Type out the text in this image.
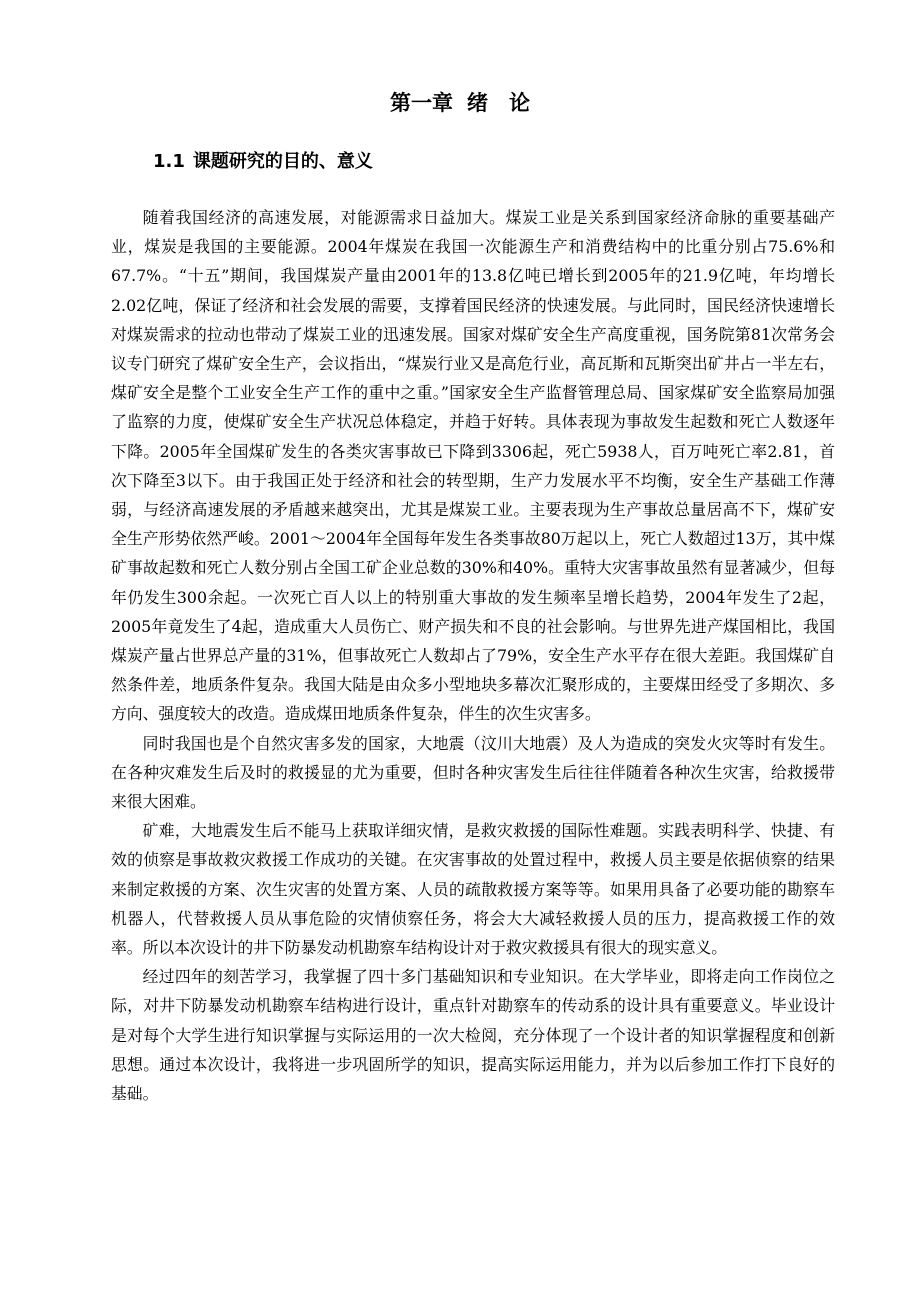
第一章 绪　论
1.1 课题研究的目的、意义

随着我国经济的高速发展，对能源需求日益加大。煤炭工业是关系到国家经济命脉的重要基础产业，煤炭是我国的主要能源。2004年煤炭在我国一次能源生产和消费结构中的比重分别占75.6%和67.7%。“十五”期间，我国煤炭产量由2001年的13.8亿吨已增长到2005年的21.9亿吨，年均增长2.02亿吨，保证了经济和社会发展的需要，支撑着国民经济的快速发展。与此同时，国民经济快速增长对煤炭需求的拉动也带动了煤炭工业的迅速发展。国家对煤矿安全生产高度重视，国务院第81次常务会议专门研究了煤矿安全生产，会议指出，“煤炭行业又是高危行业，高瓦斯和瓦斯突出矿井占一半左右，煤矿安全是整个工业安全生产工作的重中之重。”国家安全生产监督管理总局、国家煤矿安全监察局加强了监察的力度，使煤矿安全生产状况总体稳定，并趋于好转。具体表现为事故发生起数和死亡人数逐年下降。2005年全国煤矿发生的各类灾害事故已下降到3306起，死亡5938人，百万吨死亡率2.81，首次下降至3以下。由于我国正处于经济和社会的转型期，生产力发展水平不均衡，安全生产基础工作薄弱，与经济高速发展的矛盾越来越突出，尤其是煤炭工业。主要表现为生产事故总量居高不下，煤矿安全生产形势依然严峻。2001～2004年全国每年发生各类事故80万起以上，死亡人数超过13万，其中煤矿事故起数和死亡人数分别占全国工矿企业总数的30%和40%。重特大灾害事故虽然有显著减少，但每年仍发生300余起。一次死亡百人以上的特别重大事故的发生频率呈增长趋势，2004年发生了2起，2005年竟发生了4起，造成重大人员伤亡、财产损失和不良的社会影响。与世界先进产煤国相比，我国煤炭产量占世界总产量的31%，但事故死亡人数却占了79%，安全生产水平存在很大差距。我国煤矿自然条件差，地质条件复杂。我国大陆是由众多小型地块多幕次汇聚形成的，主要煤田经受了多期次、多方向、强度较大的改造。造成煤田地质条件复杂，伴生的次生灾害多。

同时我国也是个自然灾害多发的国家，大地震（汶川大地震）及人为造成的突发火灾等时有发生。在各种灾难发生后及时的救援显的尤为重要，但时各种灾害发生后往往伴随着各种次生灾害，给救援带来很大困难。

矿难，大地震发生后不能马上获取详细灾情，是救灾救援的国际性难题。实践表明科学、快捷、有效的侦察是事故救灾救援工作成功的关键。在灾害事故的处置过程中，救援人员主要是依据侦察的结果来制定救援的方案、次生灾害的处置方案、人员的疏散救援方案等等。如果用具备了必要功能的勘察车机器人，代替救援人员从事危险的灾情侦察任务，将会大大减轻救援人员的压力，提高救援工作的效率。所以本次设计的井下防暴发动机勘察车结构设计对于救灾救援具有很大的现实意义。

经过四年的刻苦学习，我掌握了四十多门基础知识和专业知识。在大学毕业，即将走向工作岗位之际，对井下防暴发动机勘察车结构进行设计，重点针对勘察车的传动系的设计具有重要意义。毕业设计是对每个大学生进行知识掌握与实际运用的一次大检阅，充分体现了一个设计者的知识掌握程度和创新思想。通过本次设计，我将进一步巩固所学的知识，提高实际运用能力，并为以后参加工作打下良好的基础。
